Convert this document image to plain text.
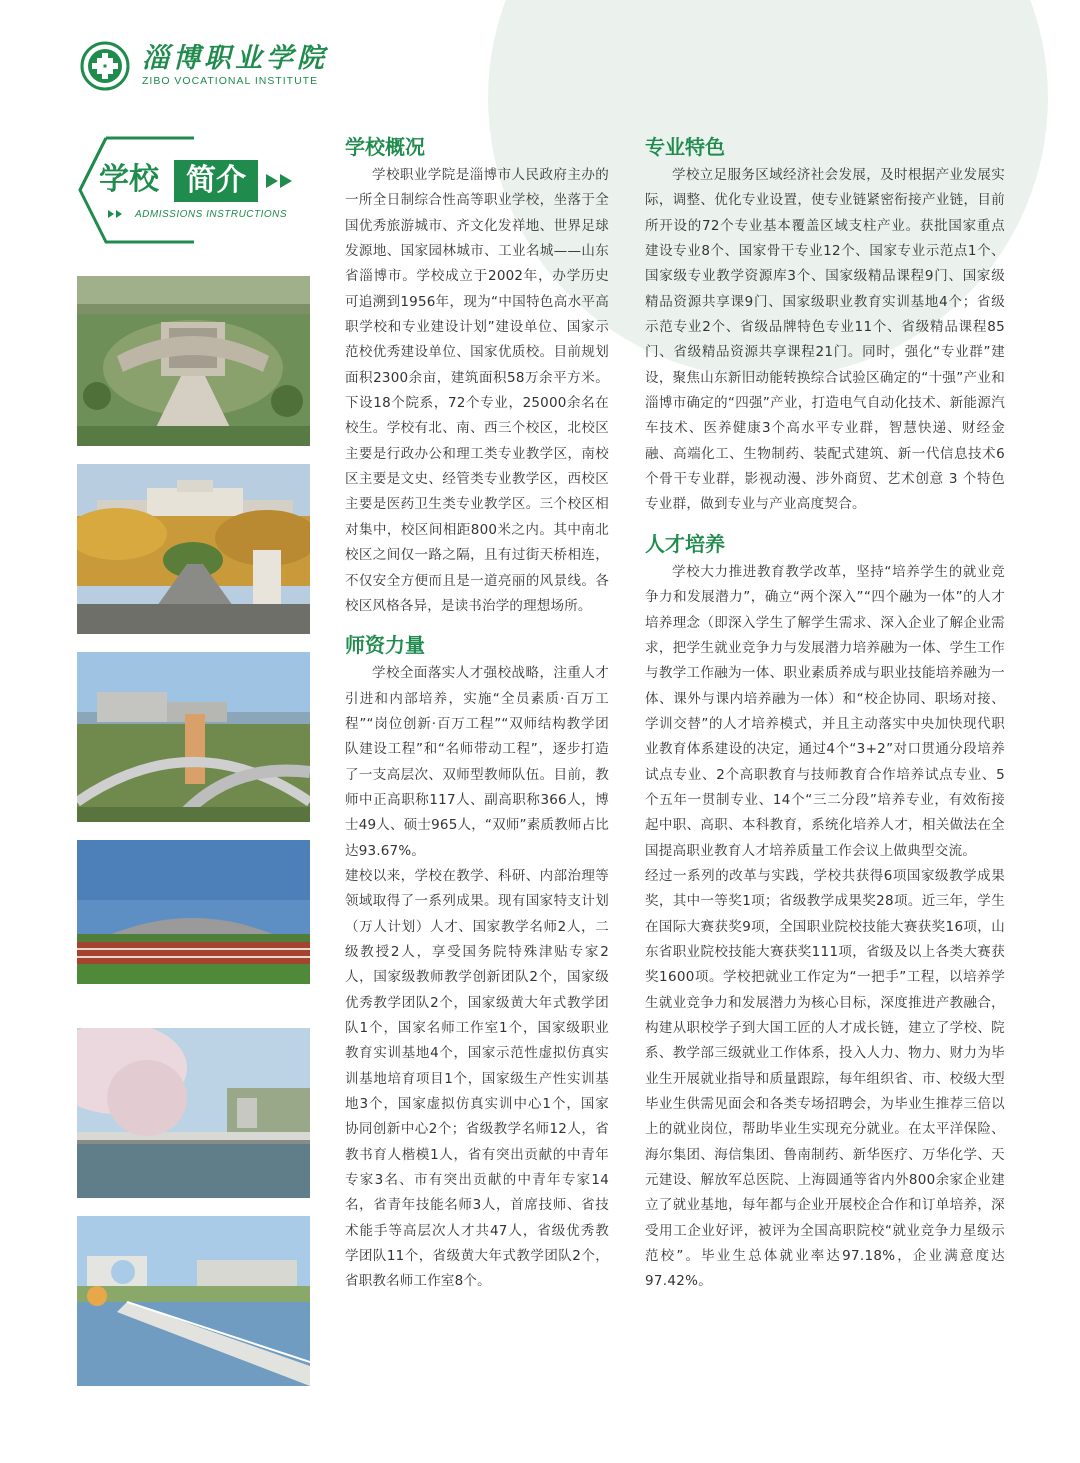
淄博职业学院
ZIBO VOCATIONAL INSTITUTE
学校 简介
ADMISSIONS INSTRUCTIONS
学校概况

学校职业学院是淄博市人民政府主办的一所全日制综合性高等职业学校，坐落于全国优秀旅游城市、齐文化发祥地、世界足球发源地、国家园林城市、工业名城——山东省淄博市。学校成立于2002年，办学历史可追溯到1956年，现为“中国特色高水平高职学校和专业建设计划”建设单位、国家示范校优秀建设单位、国家优质校。目前规划面积2300余亩，建筑面积58万余平方米。下设18个院系，72个专业，25000余名在校生。学校有北、南、西三个校区，北校区主要是行政办公和理工类专业教学区，南校区主要是文史、经管类专业教学区，西校区主要是医药卫生类专业教学区。三个校区相对集中，校区间相距800米之内。其中南北校区之间仅一路之隔，且有过街天桥相连，不仅安全方便而且是一道亮丽的风景线。各校区风格各异，是读书治学的理想场所。

师资力量

学校全面落实人才强校战略，注重人才引进和内部培养，实施“全员素质·百万工程”“岗位创新·百万工程”“双师结构教学团队建设工程”和“名师带动工程”，逐步打造了一支高层次、双师型教师队伍。目前，教师中正高职称117人、副高职称366人，博士49人、硕士965人，“双师”素质教师占比达93.67%。

建校以来，学校在教学、科研、内部治理等领域取得了一系列成果。现有国家特支计划（万人计划）人才、国家教学名师2人，二级教授2人，享受国务院特殊津贴专家2人，国家级教师教学创新团队2个，国家级优秀教学团队2个，国家级黄大年式教学团队1个，国家名师工作室1个，国家级职业教育实训基地4个，国家示范性虚拟仿真实训基地培育项目1个，国家级生产性实训基地3个，国家虚拟仿真实训中心1个，国家协同创新中心2个；省级教学名师12人，省教书育人楷模1人，省有突出贡献的中青年专家3名、市有突出贡献的中青年专家14名，省青年技能名师3人，首席技师、省技术能手等高层次人才共47人，省级优秀教学团队11个，省级黄大年式教学团队2个，省职教名师工作室8个。

专业特色

学校立足服务区域经济社会发展，及时根据产业发展实际，调整、优化专业设置，使专业链紧密衔接产业链，目前所开设的72个专业基本覆盖区域支柱产业。获批国家重点建设专业8个、国家骨干专业12个、国家专业示范点1个、国家级专业教学资源库3个、国家级精品课程9门、国家级精品资源共享课9门、国家级职业教育实训基地4个；省级示范专业2个、省级品牌特色专业11个、省级精品课程85门、省级精品资源共享课程21门。同时，强化“专业群”建设，聚焦山东新旧动能转换综合试验区确定的“十强”产业和淄博市确定的“四强”产业，打造电气自动化技术、新能源汽车技术、医养健康3个高水平专业群，智慧快递、财经金融、高端化工、生物制药、装配式建筑、新一代信息技术6个骨干专业群，影视动漫、涉外商贸、艺术创意 3 个特色专业群，做到专业与产业高度契合。

人才培养

学校大力推进教育教学改革，坚持“培养学生的就业竞争力和发展潜力”，确立“两个深入”“四个融为一体”的人才培养理念（即深入学生了解学生需求、深入企业了解企业需求，把学生就业竞争力与发展潜力培养融为一体、学生工作与教学工作融为一体、职业素质养成与职业技能培养融为一体、课外与课内培养融为一体）和“校企协同、职场对接、学训交替”的人才培养模式，并且主动落实中央加快现代职业教育体系建设的决定，通过4个“3+2”对口贯通分段培养试点专业、2个高职教育与技师教育合作培养试点专业、5个五年一贯制专业、14个“三二分段”培养专业，有效衔接起中职、高职、本科教育，系统化培养人才，相关做法在全国提高职业教育人才培养质量工作会议上做典型交流。

经过一系列的改革与实践，学校共获得6项国家级教学成果奖，其中一等奖1项；省级教学成果奖28项。近三年，学生在国际大赛获奖9项，全国职业院校技能大赛获奖16项，山东省职业院校技能大赛获奖111项，省级及以上各类大赛获奖1600项。学校把就业工作定为“一把手”工程，以培养学生就业竞争力和发展潜力为核心目标，深度推进产教融合，构建从职校学子到大国工匠的人才成长链，建立了学校、院系、教学部三级就业工作体系，投入人力、物力、财力为毕业生开展就业指导和质量跟踪，每年组织省、市、校级大型毕业生供需见面会和各类专场招聘会，为毕业生推荐三倍以上的就业岗位，帮助毕业生实现充分就业。在太平洋保险、海尔集团、海信集团、鲁南制药、新华医疗、万华化学、天元建设、解放军总医院、上海圆通等省内外800余家企业建立了就业基地，每年都与企业开展校企合作和订单培养，深受用工企业好评，被评为全国高职院校“就业竞争力星级示范校”。毕业生总体就业率达97.18%，企业满意度达97.42%。
